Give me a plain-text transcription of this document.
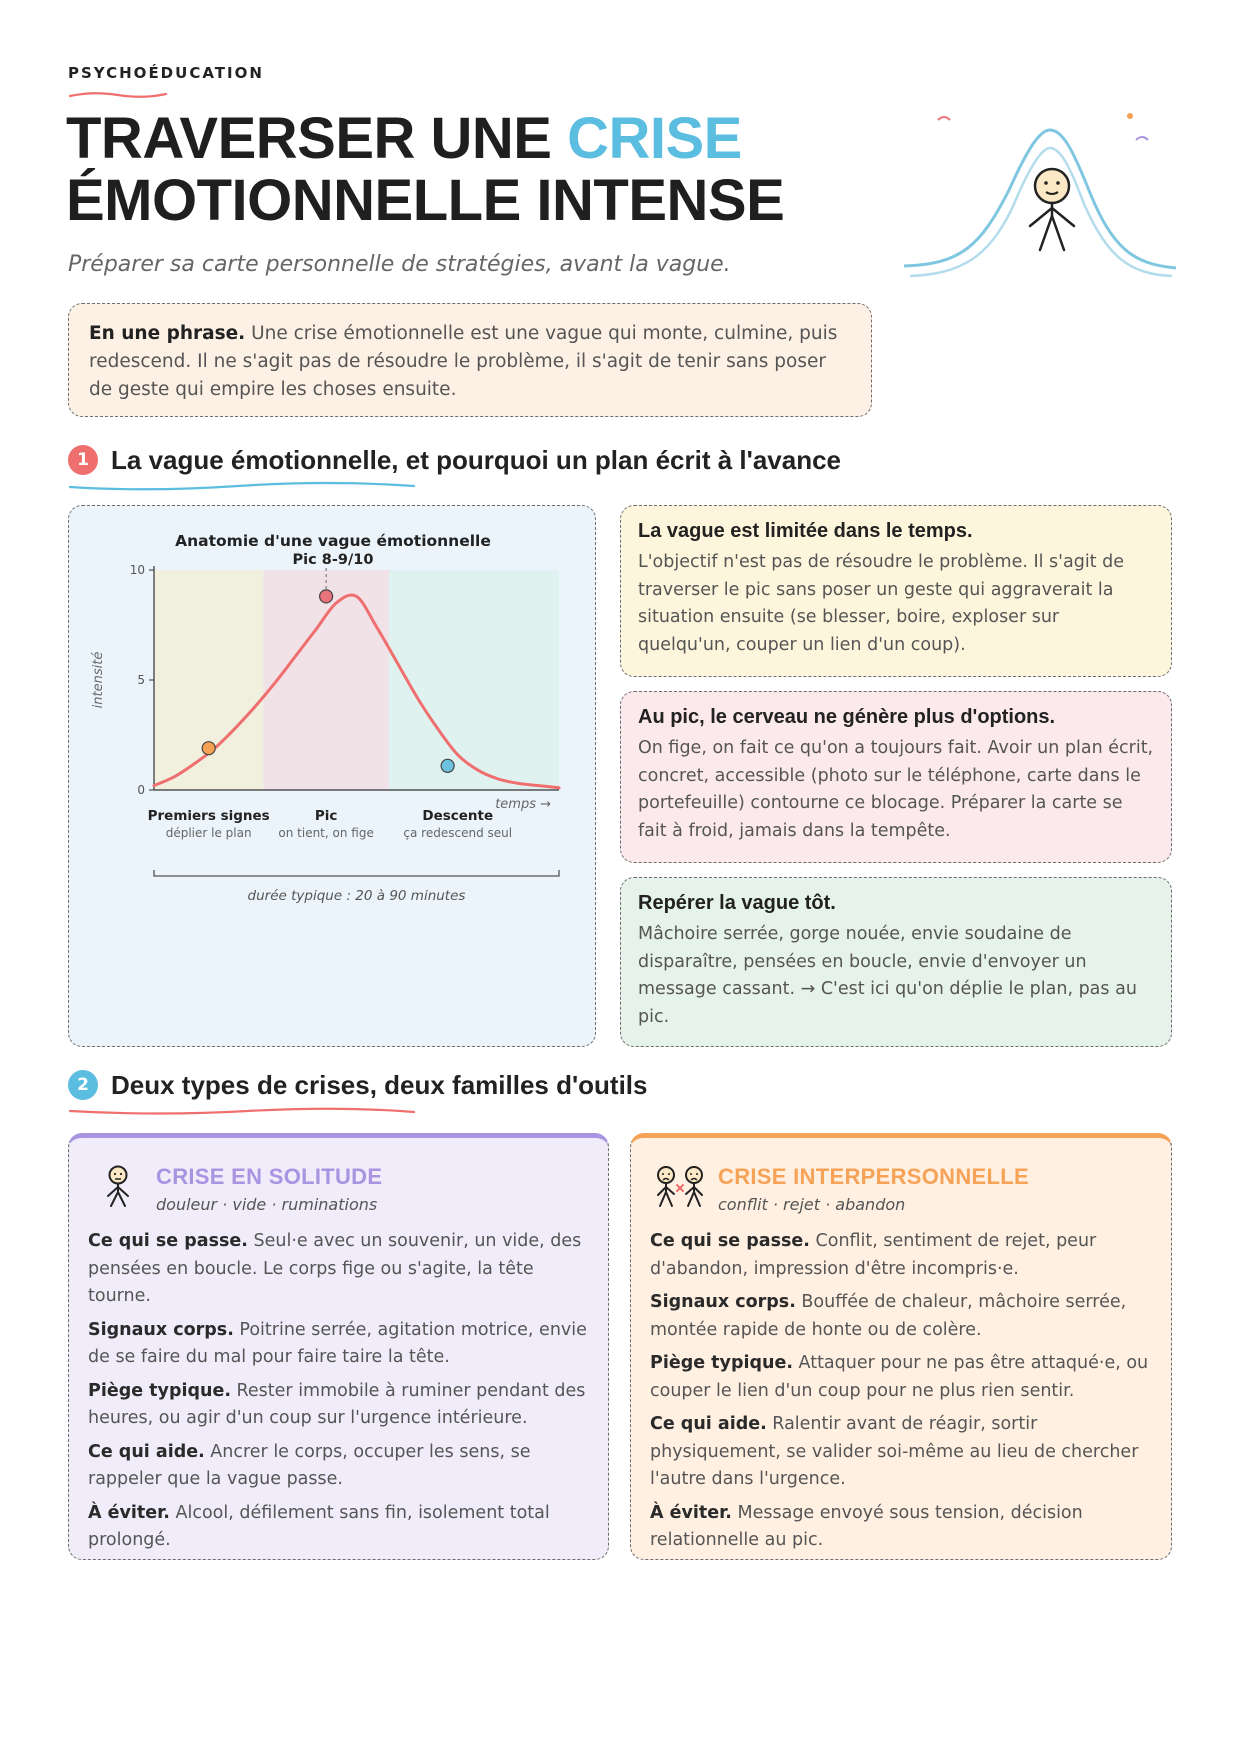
PSYCHOÉDUCATION
TRAVERSER UNE CRISE
ÉMOTIONNELLE INTENSE
Préparer sa carte personnelle de stratégies, avant la vague.
En une phrase. Une crise émotionnelle est une vague qui monte, culmine, puis redescend. Il ne s'agit pas de résoudre le problème, il s'agit de tenir sans poser de geste qui empire les choses ensuite.
1 La vague émotionnelle, et pourquoi un plan écrit à l'avance
Anatomie d'une vague émotionnelle
Pic 8-9/10
0
5
10
intensité
temps →
Premiers signes
déplier le plan
Pic
on tient, on fige
Descente
ça redescend seul
durée typique : 20 à 90 minutes
La vague est limitée dans le temps.

L'objectif n'est pas de résoudre le problème. Il s'agit de traverser le pic sans poser un geste qui aggraverait la situation ensuite (se blesser, boire, exploser sur quelqu'un, couper un lien d'un coup).

Au pic, le cerveau ne génère plus d'options.

On fige, on fait ce qu'on a toujours fait. Avoir un plan écrit, concret, accessible (photo sur le téléphone, carte dans le portefeuille) contourne ce blocage. Préparer la carte se fait à froid, jamais dans la tempête.

Repérer la vague tôt.

Mâchoire serrée, gorge nouée, envie soudaine de disparaître, pensées en boucle, envie d'envoyer un message cassant. → C'est ici qu'on déplie le plan, pas au pic.

2 Deux types de crises, deux familles d'outils
CRISE EN SOLITUDE
douleur · vide · ruminations

Ce qui se passe. Seul·e avec un souvenir, un vide, des pensées en boucle. Le corps fige ou s'agite, la tête tourne.

Signaux corps. Poitrine serrée, agitation motrice, envie de se faire du mal pour faire taire la tête.

Piège typique. Rester immobile à ruminer pendant des heures, ou agir d'un coup sur l'urgence intérieure.

Ce qui aide. Ancrer le corps, occuper les sens, se rappeler que la vague passe.

À éviter. Alcool, défilement sans fin, isolement total prolongé.

CRISE INTERPERSONNELLE
conflit · rejet · abandon

Ce qui se passe. Conflit, sentiment de rejet, peur d'abandon, impression d'être incompris·e.

Signaux corps. Bouffée de chaleur, mâchoire serrée, montée rapide de honte ou de colère.

Piège typique. Attaquer pour ne pas être attaqué·e, ou couper le lien d'un coup pour ne plus rien sentir.

Ce qui aide. Ralentir avant de réagir, sortir physiquement, se valider soi-même au lieu de chercher l'autre dans l'urgence.

À éviter. Message envoyé sous tension, décision relationnelle au pic.
